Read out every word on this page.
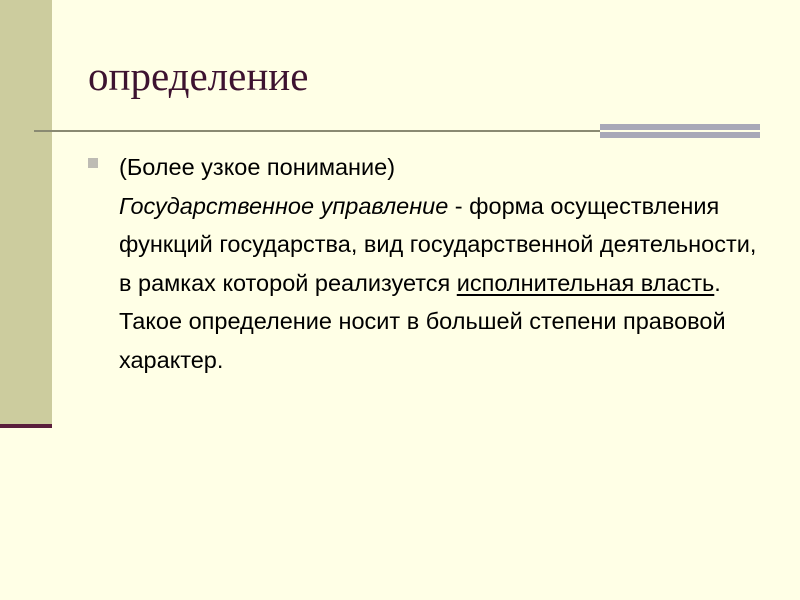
определение

(Более узкое понимание)
Государственное управление - форма осуществления функций государства, вид государственной деятельности, в рамках которой реализуется исполнительная власть. Такое определение носит в большей степени правовой характер.
